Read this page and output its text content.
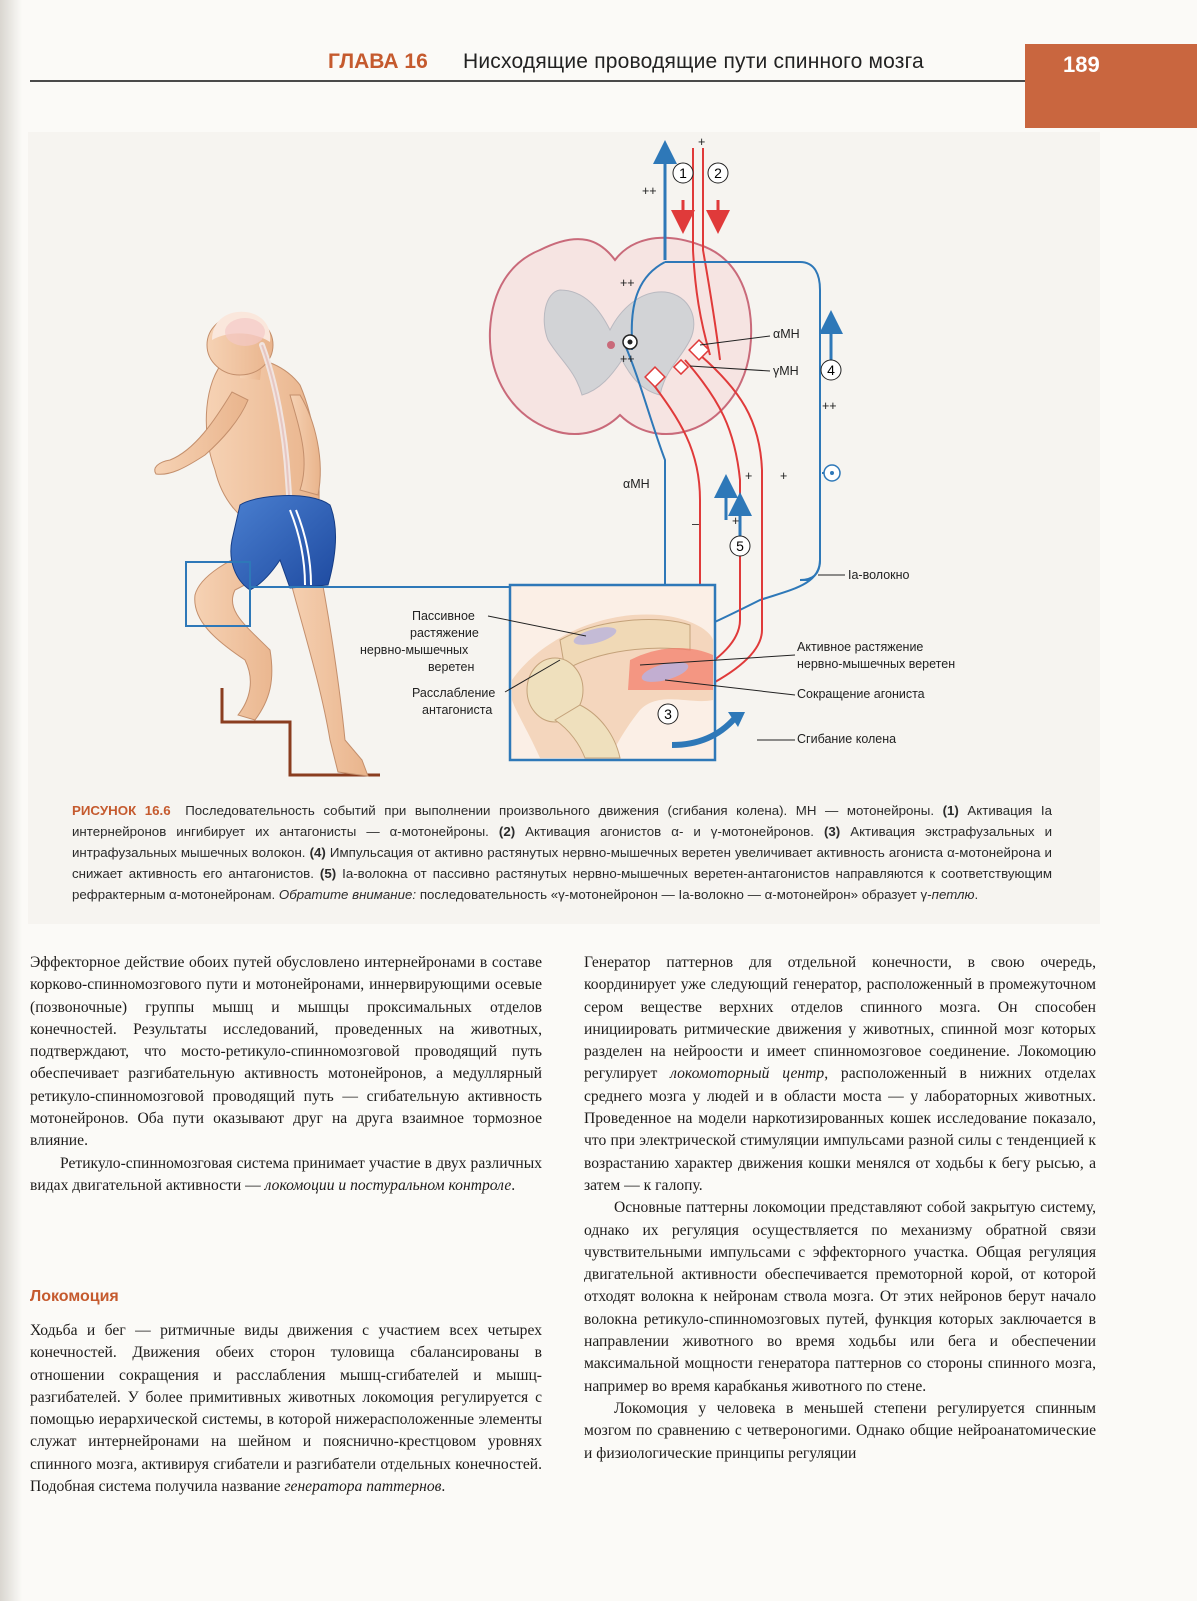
ГЛАВА 16 Нисходящие проводящие пути спинного мозга	189
1 2
3
4
5
+
++
++
++
++
+ +
+
–
αМН
γМН
αМН
Ia-волокно
Пассивное
растяжение
нервно-мышечных
веретен
Расслабление
антагониста
Активное растяжение
нервно-мышечных веретен
Сокращение агониста
Сгибание колена
РИСУНОК 16.6 Последовательность событий при выполнении произвольного движения (сгибания колена). МН — мотонейроны. (1) Активация Ia интернейронов ингибирует их антагонисты — α-мотонейроны. (2) Активация агонистов α- и γ-мотонейронов. (3) Активация экстрафузальных и интрафузальных мышечных волокон. (4) Импульсация от активно растянутых нервно-мышечных веретен увеличивает активность агониста α-мотонейрона и снижает активность его антагонистов. (5) Ia-волокна от пассивно растянутых нервно-мышечных веретен-антагонистов направляются к соответствующим рефрактерным α-мотонейронам. Обратите внимание: последовательность «γ-мотонейронон — Ia-волокно — α-мотонейрон» образует γ-петлю.

Эффекторное действие обоих путей обусловлено интернейронами в составе корково-спинномозгового пути и мотонейронами, иннервирующими осевые (позвоночные) группы мышц и мышцы проксимальных отделов конечностей. Результаты исследований, проведенных на животных, подтверждают, что мосто-ретикуло-спинномозговой проводящий путь обеспечивает разгибательную активность мотонейронов, а медуллярный ретикуло-спинномозговой проводящий путь — сгибательную активность мотонейронов. Оба пути оказывают друг на друга взаимное тормозное влияние.

Ретикуло-спинномозговая система принимает участие в двух различных видах двигательной активности — локомоции и постуральном контроле.

Локомоция

Ходьба и бег — ритмичные виды движения с участием всех четырех конечностей. Движения обеих сторон туловища сбалансированы в отношении сокращения и расслабления мышц-сгибателей и мышц-разгибателей. У более примитивных животных локомоция регулируется с помощью иерархической системы, в которой нижерасположенные элементы служат интернейронами на шейном и пояснично-крестцовом уровнях спинного мозга, активируя сгибатели и разгибатели отдельных конечностей. Подобная система получила название генератора паттернов.

Генератор паттернов для отдельной конечности, в свою очередь, координирует уже следующий генератор, расположенный в промежуточном сером веществе верхних отделов спинного мозга. Он способен инициировать ритмические движения у животных, спинной мозг которых разделен на нейроости и имеет спинномозговое соединение. Локомоцию регулирует локомоторный центр, расположенный в нижних отделах среднего мозга у людей и в области моста — у лабораторных животных. Проведенное на модели наркотизированных кошек исследование показало, что при электрической стимуляции импульсами разной силы с тенденцией к возрастанию характер движения кошки менялся от ходьбы к бегу рысью, а затем — к галопу.

Основные паттерны локомоции представляют собой закрытую систему, однако их регуляция осуществляется по механизму обратной связи чувствительными импульсами с эффекторного участка. Общая регуляция двигательной активности обеспечивается премоторной корой, от которой отходят волокна к нейронам ствола мозга. От этих нейронов берут начало волокна ретикуло-спинномозговых путей, функция которых заключается в направлении животного во время ходьбы или бега и обеспечении максимальной мощности генератора паттернов со стороны спинного мозга, например во время карабканья животного по стене.

Локомоция у человека в меньшей степени регулируется спинным мозгом по сравнению с четвероногими. Однако общие нейроанатомические и физиологические принципы регуляции
